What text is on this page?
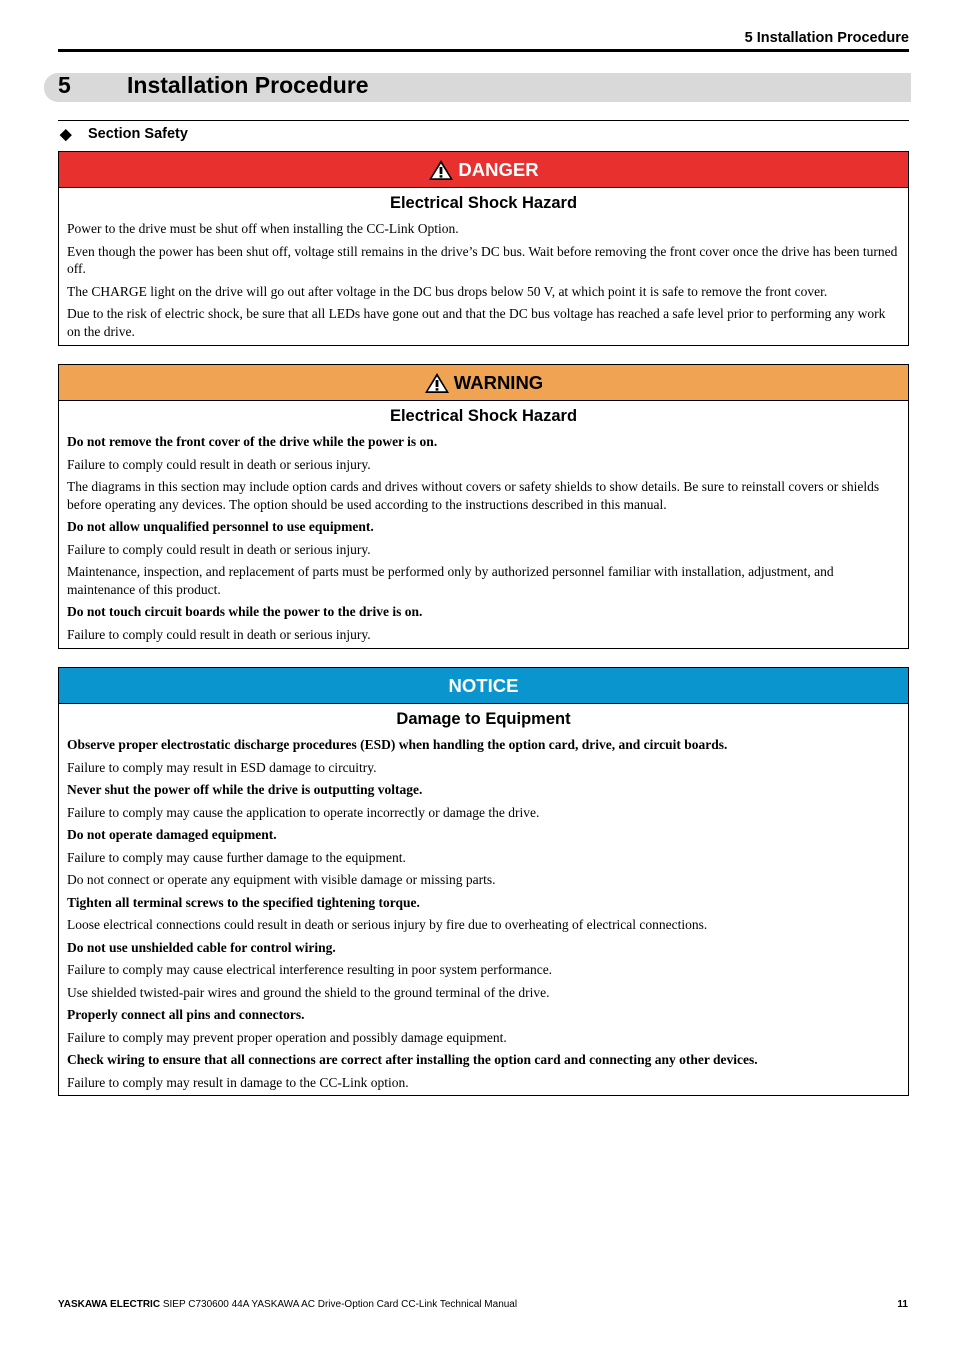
5 Installation Procedure
5 Installation Procedure
◆	Section Safety
DANGER
Electrical Shock Hazard

Power to the drive must be shut off when installing the CC-Link Option.

Even though the power has been shut off, voltage still remains in the drive’s DC bus. Wait before removing the front cover once the drive has been turned off.

The CHARGE light on the drive will go out after voltage in the DC bus drops below 50 V, at which point it is safe to remove the front cover.

Due to the risk of electric shock, be sure that all LEDs have gone out and that the DC bus voltage has reached a safe level prior to performing any work on the drive.

WARNING
Electrical Shock Hazard

Do not remove the front cover of the drive while the power is on.

Failure to comply could result in death or serious injury.

The diagrams in this section may include option cards and drives without covers or safety shields to show details. Be sure to reinstall covers or shields before operating any devices. The option should be used according to the instructions described in this manual.

Do not allow unqualified personnel to use equipment.

Failure to comply could result in death or serious injury.

Maintenance, inspection, and replacement of parts must be performed only by authorized personnel familiar with installation, adjustment, and maintenance of this product.

Do not touch circuit boards while the power to the drive is on.

Failure to comply could result in death or serious injury.

NOTICE
Damage to Equipment

Observe proper electrostatic discharge procedures (ESD) when handling the option card, drive, and circuit boards.

Failure to comply may result in ESD damage to circuitry.

Never shut the power off while the drive is outputting voltage.

Failure to comply may cause the application to operate incorrectly or damage the drive.

Do not operate damaged equipment.

Failure to comply may cause further damage to the equipment.

Do not connect or operate any equipment with visible damage or missing parts.

Tighten all terminal screws to the specified tightening torque.

Loose electrical connections could result in death or serious injury by fire due to overheating of electrical connections.

Do not use unshielded cable for control wiring.

Failure to comply may cause electrical interference resulting in poor system performance.

Use shielded twisted-pair wires and ground the shield to the ground terminal of the drive.

Properly connect all pins and connectors.

Failure to comply may prevent proper operation and possibly damage equipment.

Check wiring to ensure that all connections are correct after installing the option card and connecting any other devices.

Failure to comply may result in damage to the CC-Link option.

YASKAWA ELECTRIC SIEP C730600 44A YASKAWA AC Drive-Option Card CC-Link Technical Manual	11
